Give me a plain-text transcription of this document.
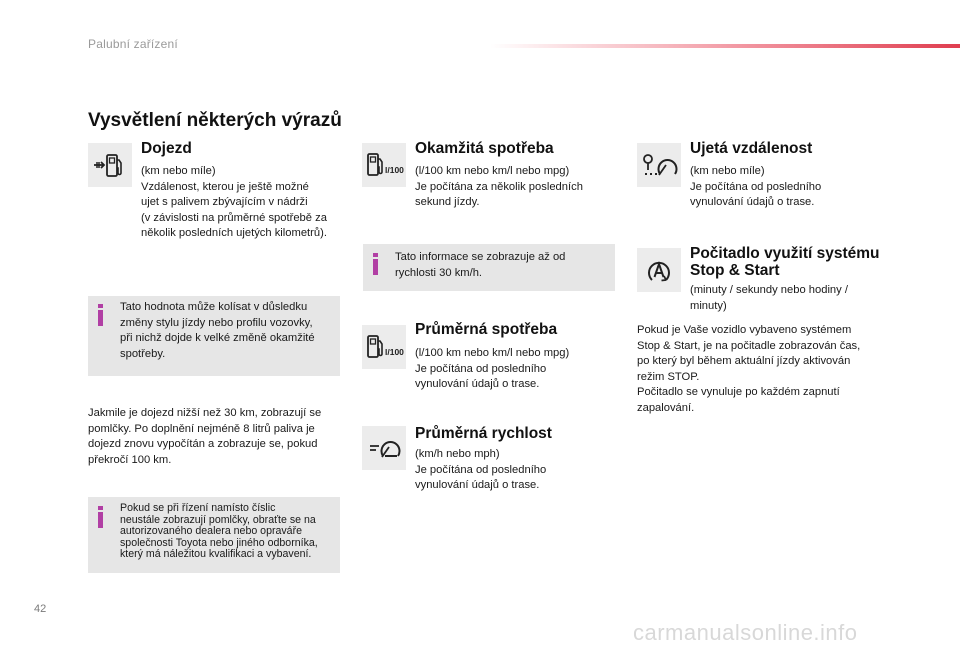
Palubní zařízení
Vysvětlení některých výrazů
Dojezd
(km nebo míle)
Vzdálenost, kterou je ještě možné
ujet s palivem zbývajícím v nádrži
(v závislosti na průměrné spotřebě za
několik posledních ujetých kilometrů).
Tato hodnota může kolísat v důsledku
změny stylu jízdy nebo profilu vozovky,
při nichž dojde k velké změně okamžité
spotřeby.
Jakmile je dojezd nižší než 30 km, zobrazují se
pomlčky. Po doplnění nejméně 8 litrů paliva je
dojezd znovu vypočítán a zobrazuje se, pokud
překročí 100 km.
Pokud se při řízení namísto číslic
neustále zobrazují pomlčky, obraťte se na
autorizovaného dealera nebo opraváře
společnosti Toyota nebo jiného odborníka,
který má náležitou kvalifikaci a vybavení.
l/100
Okamžitá spotřeba
(l/100 km nebo km/l nebo mpg)
Je počítána za několik posledních
sekund jízdy.
Tato informace se zobrazuje až od
rychlosti 30 km/h.
l/100
Průměrná spotřeba
(l/100 km nebo km/l nebo mpg)
Je počítána od posledního
vynulování údajů o trase.
Průměrná rychlost
(km/h nebo mph)
Je počítána od posledního
vynulování údajů o trase.
Ujetá vzdálenost
(km nebo míle)
Je počítána od posledního
vynulování údajů o trase.
Počitadlo využití systému
Stop & Start
(minuty / sekundy nebo hodiny /
minuty)
Pokud je Vaše vozidlo vybaveno systémem
Stop & Start, je na počitadle zobrazován čas,
po který byl během aktuální jízdy aktivován
režim STOP.
Počitadlo se vynuluje po každém zapnutí
zapalování.
42
carmanualsonline.info
